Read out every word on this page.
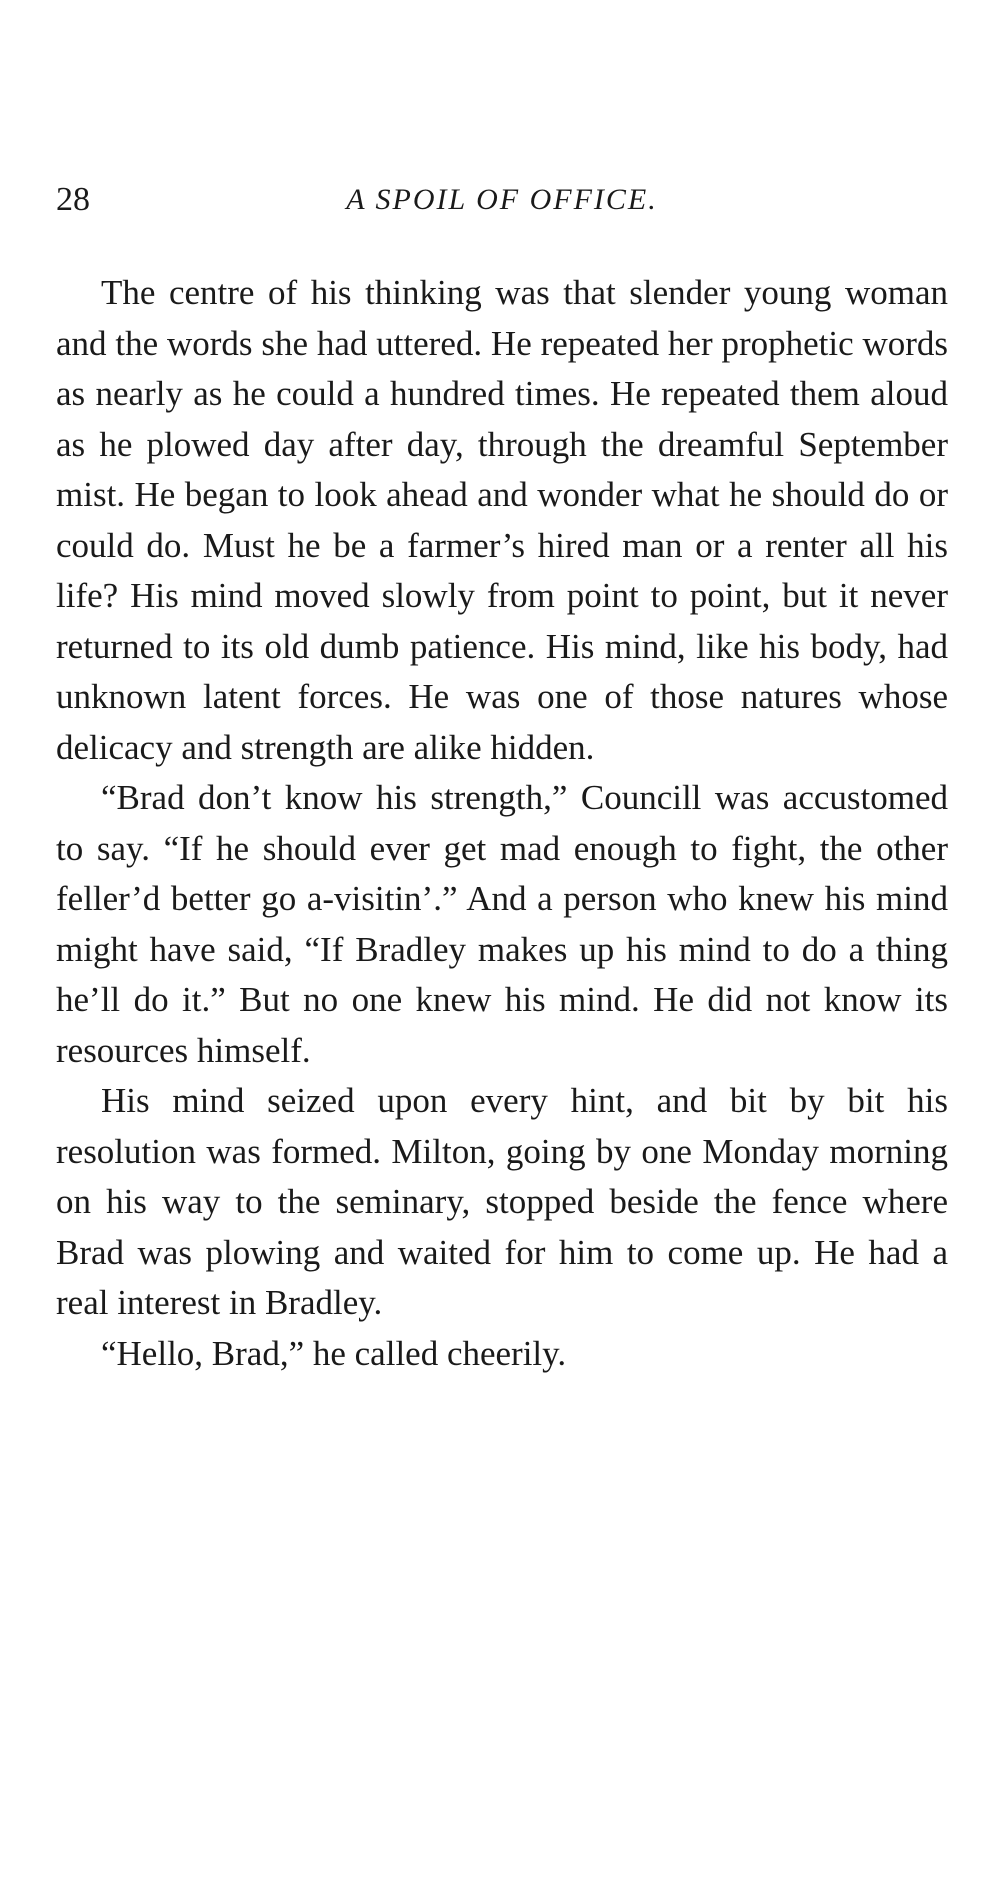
28	A SPOIL OF OFFICE.

The centre of his thinking was that slender young woman and the words she had uttered. He repeated her prophetic words as nearly as he could a hundred times. He repeated them aloud as he plowed day after day, through the dreamful September mist. He began to look ahead and wonder what he should do or could do. Must he be a farmer’s hired man or a renter all his life? His mind moved slowly from point to point, but it never returned to its old dumb patience. His mind, like his body, had unknown latent forces. He was one of those natures whose delicacy and strength are alike hidden.

“Brad don’t know his strength,” Councill was accustomed to say. “If he should ever get mad enough to fight, the other feller’d better go a-visitin’.” And a person who knew his mind might have said, “If Bradley makes up his mind to do a thing he’ll do it.” But no one knew his mind. He did not know its resources himself.

His mind seized upon every hint, and bit by bit his resolution was formed. Milton, going by one Monday morning on his way to the seminary, stopped beside the fence where Brad was plowing and waited for him to come up. He had a real interest in Bradley.

“Hello, Brad,” he called cheerily.
